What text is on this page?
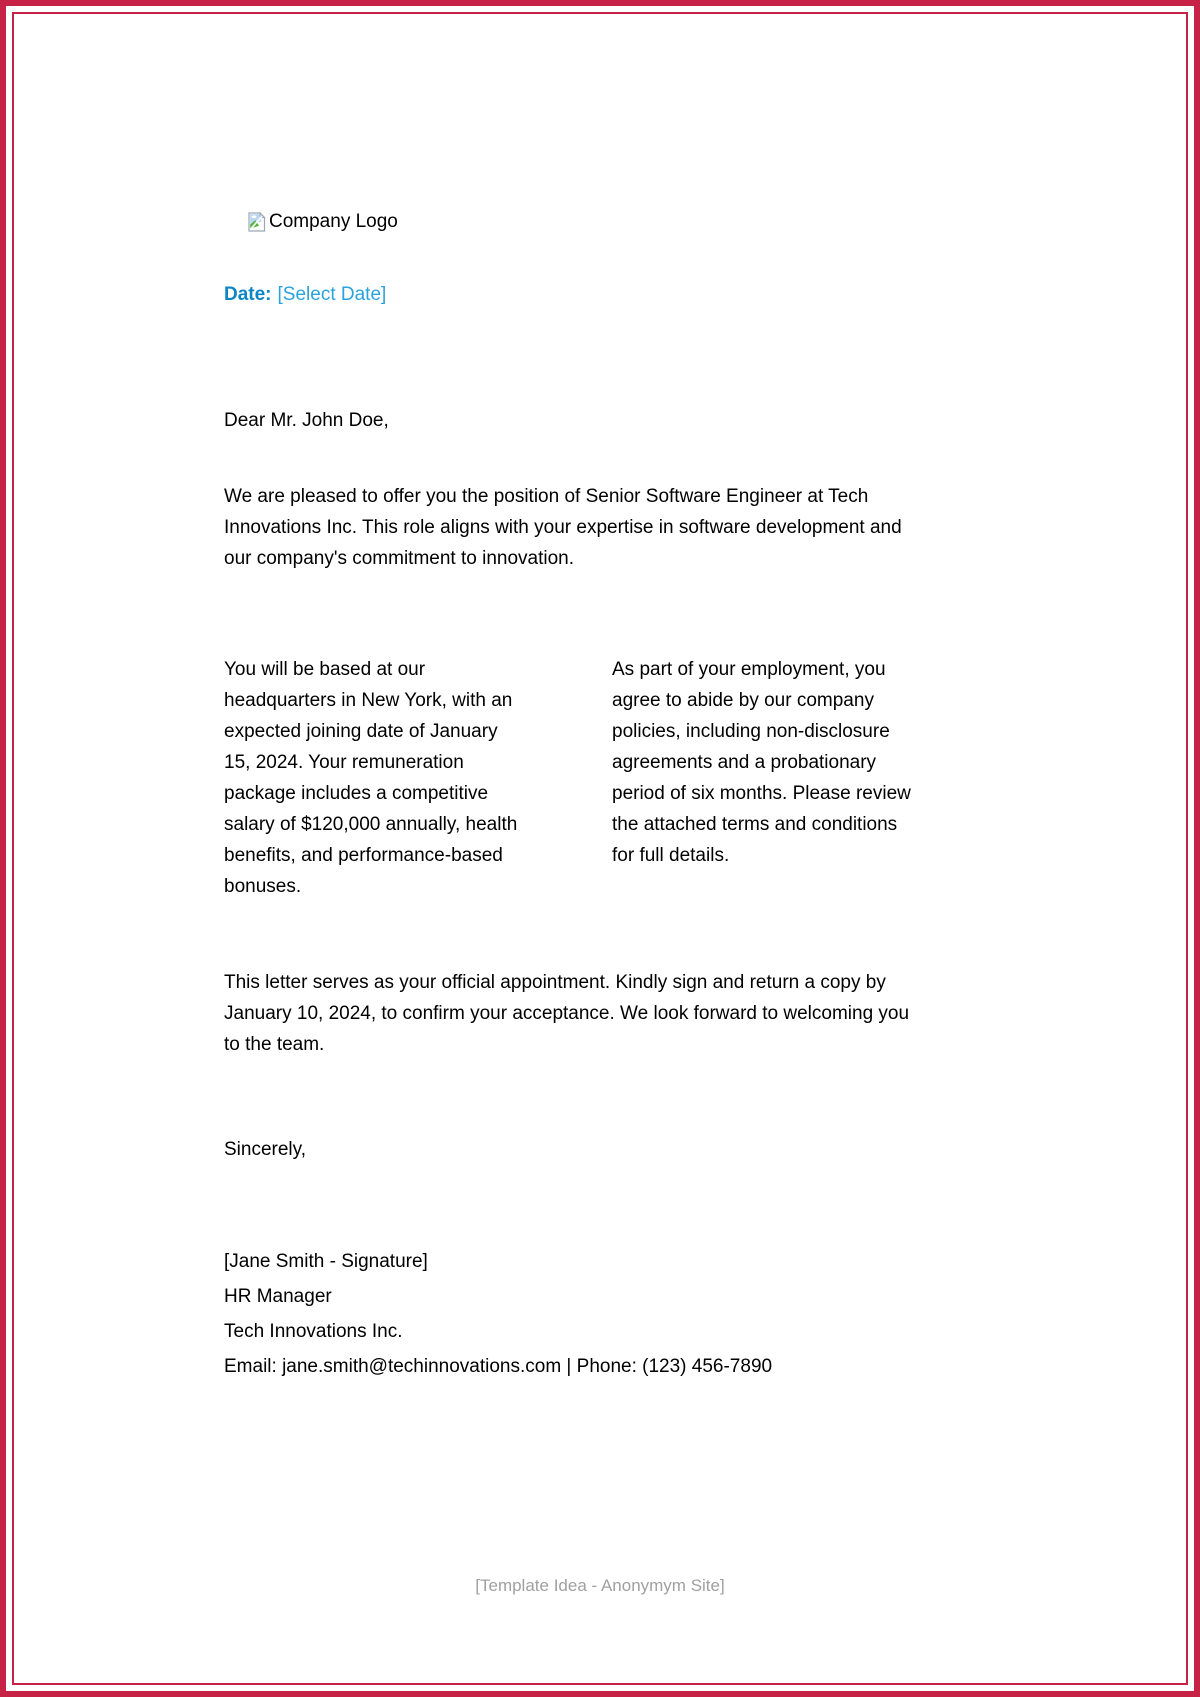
Company Logo

Date: [Select Date]

Dear Mr. John Doe,

We are pleased to offer you the position of Senior Software Engineer at Tech Innovations Inc. This role aligns with your expertise in software development and our company's commitment to innovation.

You will be based at our headquarters in New York, with an expected joining date of January 15, 2024. Your remuneration package includes a competitive salary of $120,000 annually, health benefits, and performance-based bonuses.

As part of your employment, you agree to abide by our company policies, including non-disclosure agreements and a probationary period of six months. Please review the attached terms and conditions for full details.

This letter serves as your official appointment. Kindly sign and return a copy by January 10, 2024, to confirm your acceptance. We look forward to welcoming you to the team.

Sincerely,

[Jane Smith - Signature]

HR Manager

Tech Innovations Inc.

Email: jane.smith@techinnovations.com | Phone: (123) 456-7890

[Template Idea - Anonymym Site]
